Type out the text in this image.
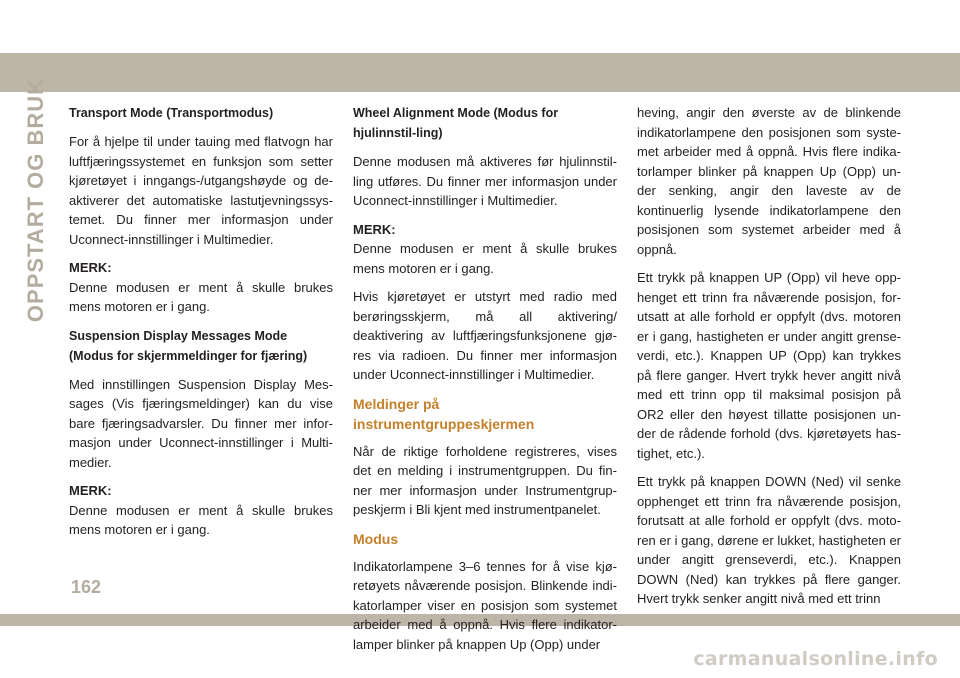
OPPSTART OG BRUK Transport Mode (Transportmodus)

For å hjelpe til under tauing med flatvogn har luftfjæringssystemet en funksjon som setter kjøretøyet i inngangs-/utgangshøyde og de-aktiverer det automatiske lastutjevningssys-temet. Du finner mer informasjon under Uconnect-innstillinger i Multimedier.

MERK:

Denne modusen er ment å skulle brukes mens motoren er i gang.

Suspension Display Messages Mode (Modus for skjermmeldinger for fjæring)

Med innstillingen Suspension Display Mes-sages (Vis fjæringsmeldinger) kan du vise bare fjæringsadvarsler. Du finner mer infor-masjon under Uconnect-innstillinger i Multi-medier.

MERK:

Denne modusen er ment å skulle brukes mens motoren er i gang.

Wheel Alignment Mode (Modus for hjulinnstil-ling)

Denne modusen må aktiveres før hjulinnstil-ling utføres. Du finner mer informasjon under Uconnect-innstillinger i Multimedier.

MERK:

Denne modusen er ment å skulle brukes mens motoren er i gang.

Hvis kjøretøyet er utstyrt med radio med berøringsskjerm, må all aktivering/ deaktivering av luftfjæringsfunksjonene gjø-res via radioen. Du finner mer informasjon under Uconnect-innstillinger i Multimedier.

Meldinger på instrumentgruppeskjermen

Når de riktige forholdene registreres, vises det en melding i instrumentgruppen. Du fin-ner mer informasjon under Instrumentgrup-peskjerm i Bli kjent med instrumentpanelet.

Modus

Indikatorlampene 3–6 tennes for å vise kjø-retøyets nåværende posisjon. Blinkende indi-katorlamper viser en posisjon som systemet arbeider med å oppnå. Hvis flere indikator-lamper blinker på knappen Up (Opp) under

heving, angir den øverste av de blinkende indikatorlampene den posisjonen som syste-met arbeider med å oppnå. Hvis flere indika-torlamper blinker på knappen Up (Opp) un-der senking, angir den laveste av de kontinuerlig lysende indikatorlampene den posisjonen som systemet arbeider med å oppnå.

Ett trykk på knappen UP (Opp) vil heve opp-henget ett trinn fra nåværende posisjon, for-utsatt at alle forhold er oppfylt (dvs. motoren er i gang, hastigheten er under angitt grense-verdi, etc.). Knappen UP (Opp) kan trykkes på flere ganger. Hvert trykk hever angitt nivå med ett trinn opp til maksimal posisjon på OR2 eller den høyest tillatte posisjonen un-der de rådende forhold (dvs. kjøretøyets has-tighet, etc.).

Ett trykk på knappen DOWN (Ned) vil senke opphenget ett trinn fra nåværende posisjon, forutsatt at alle forhold er oppfylt (dvs. moto-ren er i gang, dørene er lukket, hastigheten er under angitt grenseverdi, etc.). Knappen DOWN (Ned) kan trykkes på flere ganger. Hvert trykk senker angitt nivå med ett trinn

162
carmanualsonline.info
